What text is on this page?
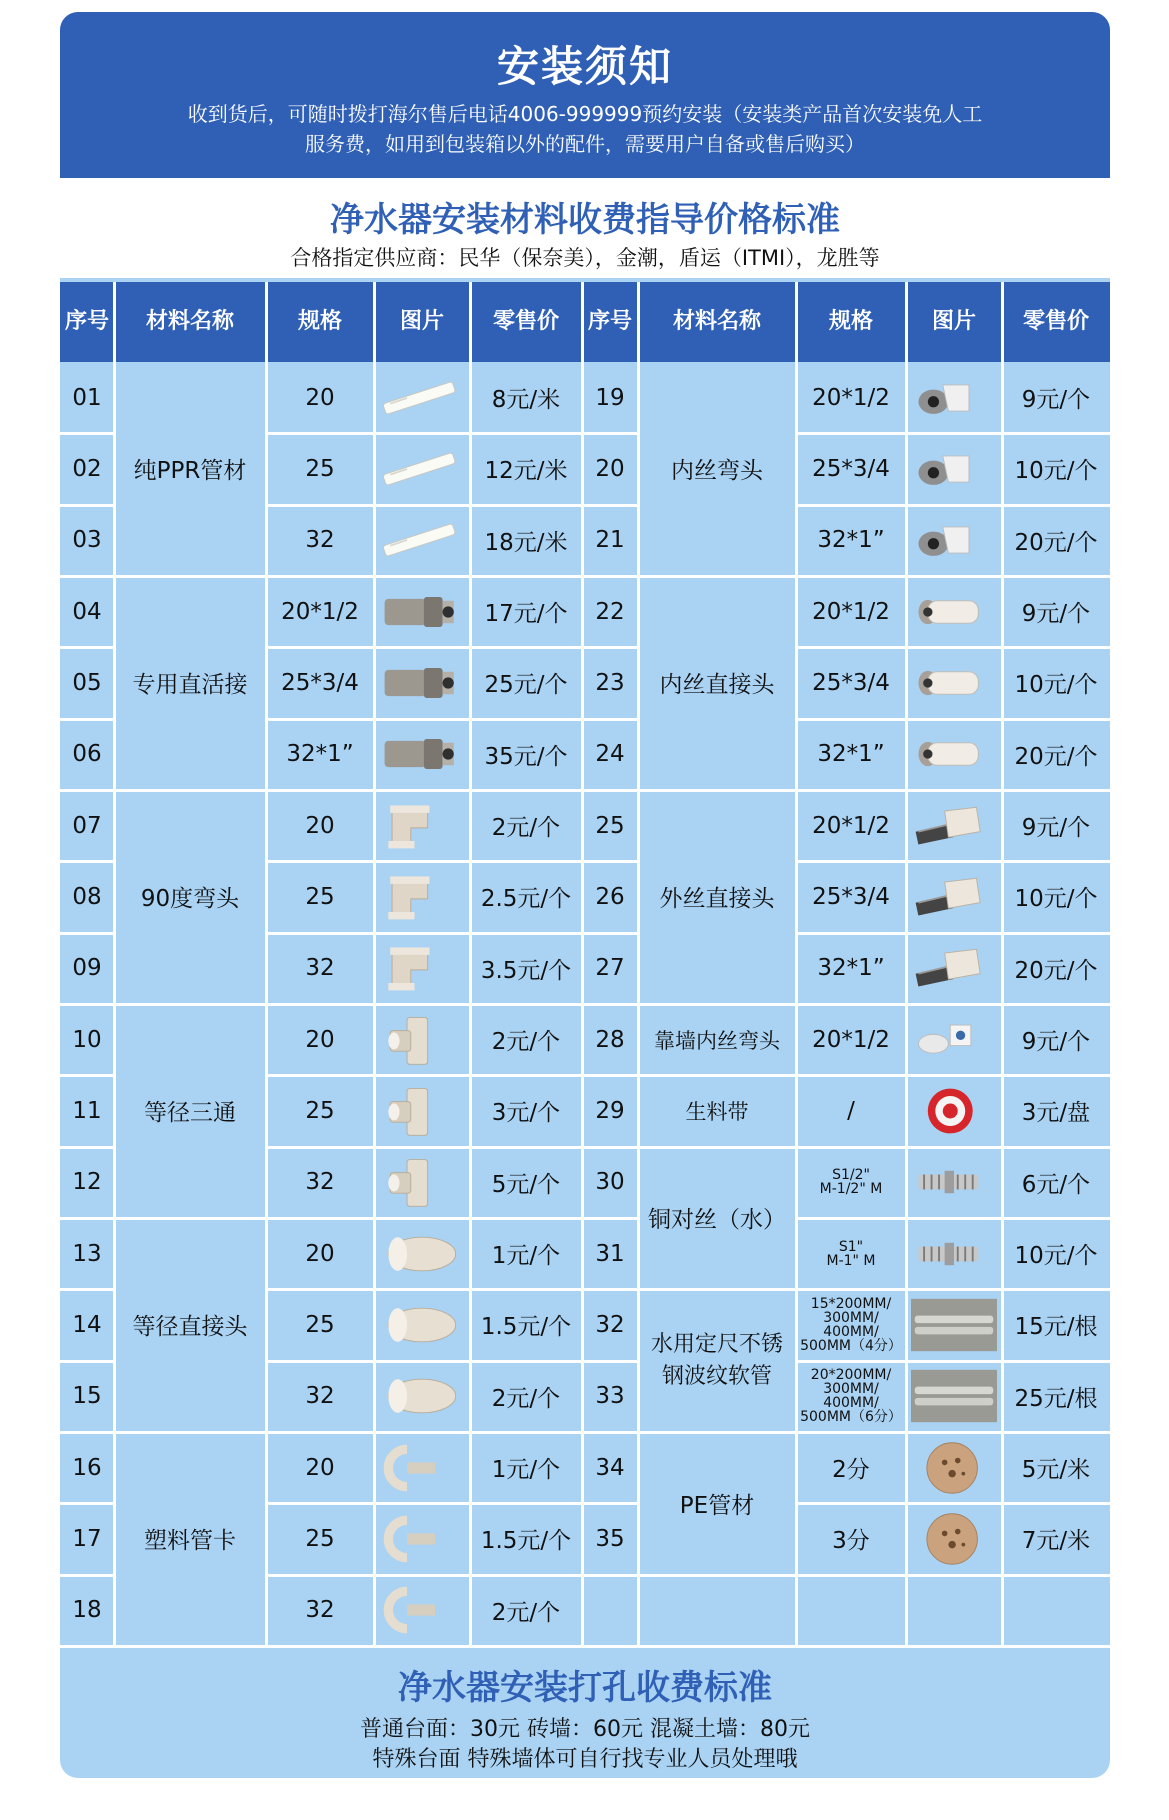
安装须知
收到货后，可随时拨打海尔售后电话4006-999999预约安装（安装类产品首次安装免人工
服务费，如用到包装箱以外的配件，需要用户自备或售后购买）
净水器安装材料收费指导价格标准
合格指定供应商：民华（保奈美），金潮，盾运（ITMI），龙胜等
序号	材料名称	规格	图片	零售价	序号	材料名称	规格	图片	零售价
01	20	8元/米
02	25	12元/米
03	32	18元/米
04	20*1/2	17元/个
05	25*3/4	25元/个
06	32*1”	35元/个
07	20	2元/个
08	25	2.5元/个
09	32	3.5元/个
10	20	2元/个
11	25	3元/个
12	32	5元/个
13	20	1元/个
14	25	1.5元/个
15	32	2元/个
16	20	1元/个
17	25	1.5元/个
18	32	2元/个
纯PPR管材
专用直活接
90度弯头
等径三通
等径直接头
塑料管卡
19	20*1/2	9元/个
20	25*3/4	10元/个
21	32*1”	20元/个
22	20*1/2	9元/个
23	25*3/4	10元/个
24	32*1”	20元/个
25	20*1/2	9元/个
26	25*3/4	10元/个
27	32*1”	20元/个
28	20*1/2	9元/个
靠墙内丝弯头
29	/	3元/盘
生料带
30	S1/2"
M-1/2" M	6元/个
31	S1"
M-1" M	10元/个
32
15*200MM/
300MM/
400MM/
500MM（4分）
15元/根
33
20*200MM/
300MM/
400MM/
500MM（6分）
25元/根
34	2分	5元/米
35	3分	7元/米
内丝弯头
内丝直接头
外丝直接头
铜对丝（水）
PE管材
水用定尺不锈
钢波纹软管
净水器安装打孔收费标准
普通台面：30元 砖墙：60元 混凝土墙：80元
特殊台面 特殊墙体可自行找专业人员处理哦
